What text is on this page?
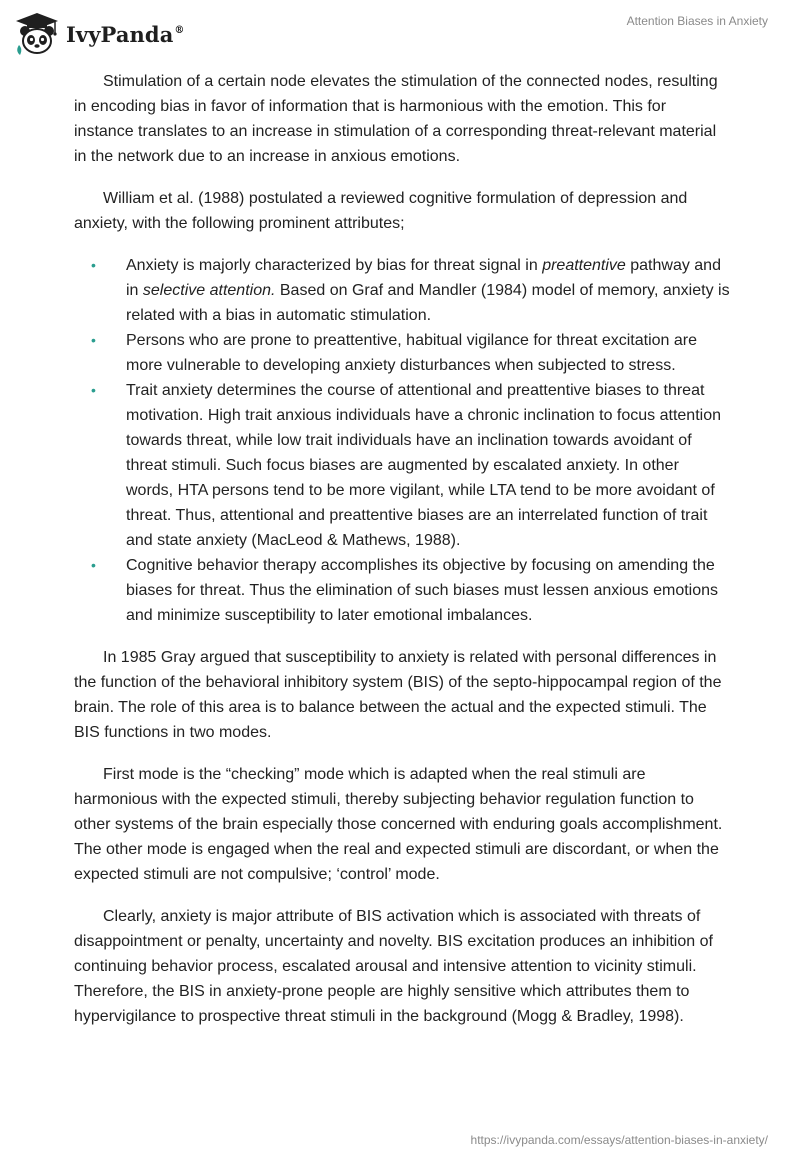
IvyPanda®
Attention Biases in Anxiety

Stimulation of a certain node elevates the stimulation of the connected nodes, resulting in encoding bias in favor of information that is harmonious with the emotion. This for instance translates to an increase in stimulation of a corresponding threat-relevant material in the network due to an increase in anxious emotions.

William et al. (1988) postulated a reviewed cognitive formulation of depression and anxiety, with the following prominent attributes;

• Anxiety is majorly characterized by bias for threat signal in preattentive pathway and in selective attention. Based on Graf and Mandler (1984) model of memory, anxiety is related with a bias in automatic stimulation.
• Persons who are prone to preattentive, habitual vigilance for threat excitation are more vulnerable to developing anxiety disturbances when subjected to stress.
• Trait anxiety determines the course of attentional and preattentive biases to threat motivation. High trait anxious individuals have a chronic inclination to focus attention towards threat, while low trait individuals have an inclination towards avoidant of threat stimuli. Such focus biases are augmented by escalated anxiety. In other words, HTA persons tend to be more vigilant, while LTA tend to be more avoidant of threat. Thus, attentional and preattentive biases are an interrelated function of trait and state anxiety (MacLeod & Mathews, 1988).
• Cognitive behavior therapy accomplishes its objective by focusing on amending the biases for threat. Thus the elimination of such biases must lessen anxious emotions and minimize susceptibility to later emotional imbalances.

In 1985 Gray argued that susceptibility to anxiety is related with personal differences in the function of the behavioral inhibitory system (BIS) of the septo-hippocampal region of the brain. The role of this area is to balance between the actual and the expected stimuli. The BIS functions in two modes.

First mode is the “checking” mode which is adapted when the real stimuli are harmonious with the expected stimuli, thereby subjecting behavior regulation function to other systems of the brain especially those concerned with enduring goals accomplishment. The other mode is engaged when the real and expected stimuli are discordant, or when the expected stimuli are not compulsive; ‘control’ mode.

Clearly, anxiety is major attribute of BIS activation which is associated with threats of disappointment or penalty, uncertainty and novelty. BIS excitation produces an inhibition of continuing behavior process, escalated arousal and intensive attention to vicinity stimuli. Therefore, the BIS in anxiety-prone people are highly sensitive which attributes them to hypervigilance to prospective threat stimuli in the background (Mogg & Bradley, 1998).

https://ivypanda.com/essays/attention-biases-in-anxiety/
